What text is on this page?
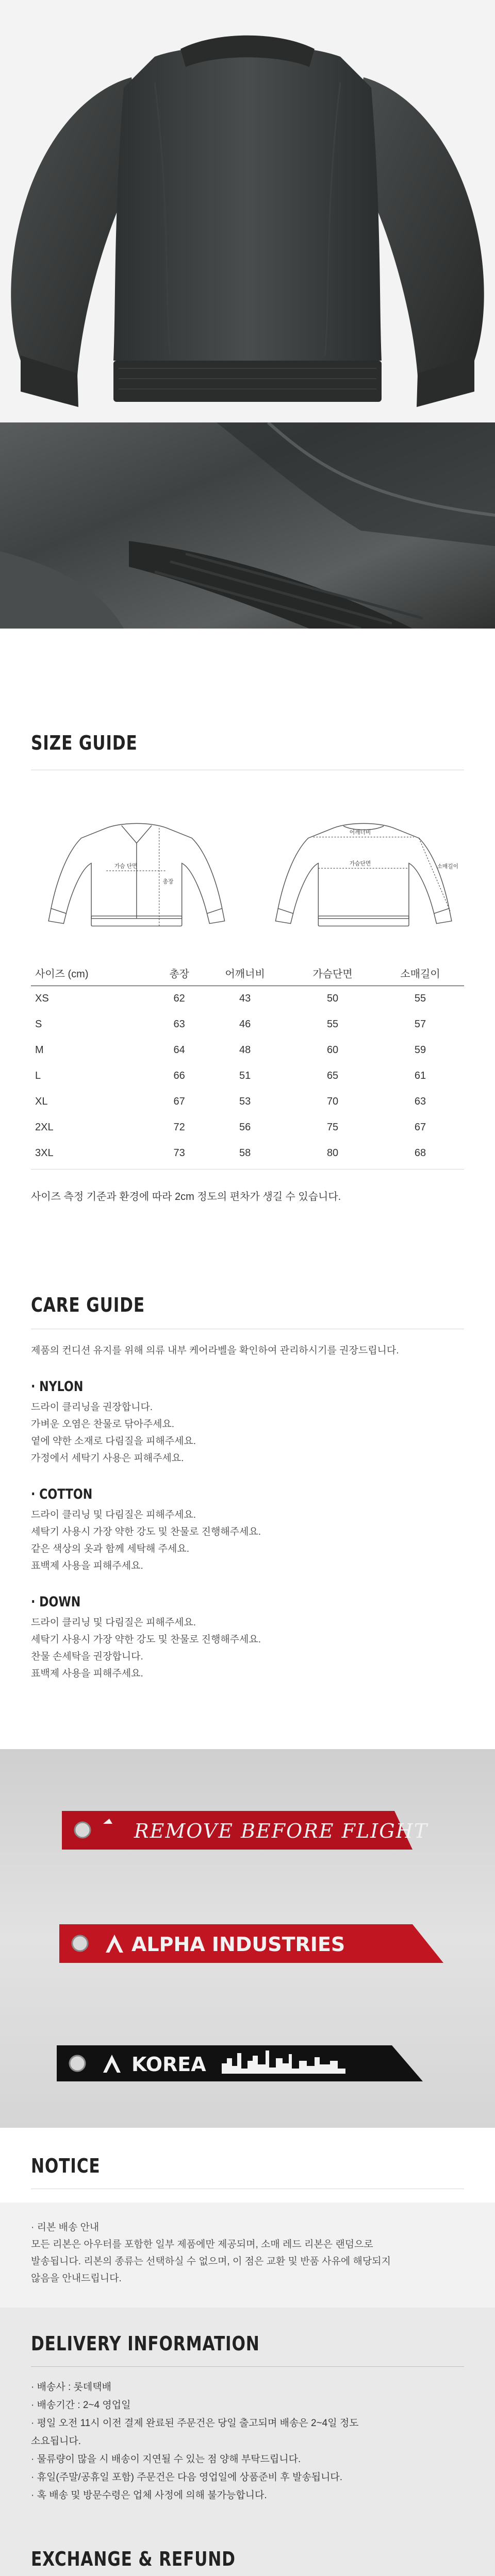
SIZE GUIDE
가슴 단면
총장
어깨너비
가슴단면	소매길이
사이즈 (cm)	총장	어깨너비	가슴단면	소매길이
XS	62	43	50	55
S	63	46	55	57
M	64	48	60	59
L	66	51	65	61
XL	67	53	70	63
2XL	72	56	75	67
3XL	73	58	80	68

사이즈 측정 기준과 환경에 따라 2cm 정도의 편차가 생길 수 있습니다.

CARE GUIDE

제품의 컨디션 유지를 위해 의류 내부 케어라벨을 확인하여 관리하시기를 권장드립니다.

· NYLON

드라이 클리닝을 권장합니다.

가벼운 오염은 찬물로 닦아주세요.

옅에 약한 소재로 다림질을 피해주세요.

가정에서 세탁기 사용은 피해주세요.

· COTTON

드라이 클리닝 및 다림질은 피해주세요.

세탁기 사용시 가장 약한 강도 및 찬물로 진행해주세요.

같은 색상의 옷과 함께 세탁해 주세요.

표백제 사용을 피해주세요.

· DOWN

드라이 클리닝 및 다림질은 피해주세요.

세탁기 사용시 가장 약한 강도 및 찬물로 진행해주세요.

찬물 손세탁을 권장합니다.

표백제 사용을 피해주세요.

REMOVE BEFORE FLIGHT
ALPHA INDUSTRIES
KOREA
NOTICE

· 리본 배송 안내

모든 리본은 아우터를 포함한 일부 제품에만 제공되며, 소매 레드 리본은 랜덤으로

발송됩니다. 리본의 종류는 선택하실 수 없으며, 이 점은 교환 및 반품 사유에 해당되지

않음을 안내드립니다.

DELIVERY INFORMATION

· 배송사 : 롯데택배

· 배송기간 : 2~4 영업일

· 평일 오전 11시 이전 결제 완료된 주문건은 당일 출고되며 배송은 2~4일 정도

소요됩니다.

· 물류량이 많을 시 배송이 지연될 수 있는 점 양해 부탁드립니다.

· 휴일(주말/공휴일 포함) 주문건은 다음 영업일에 상품준비 후 발송됩니다.

· 혹 배송 및 방문수령은 업체 사정에 의해 불가능합니다.

EXCHANGE & REFUND
